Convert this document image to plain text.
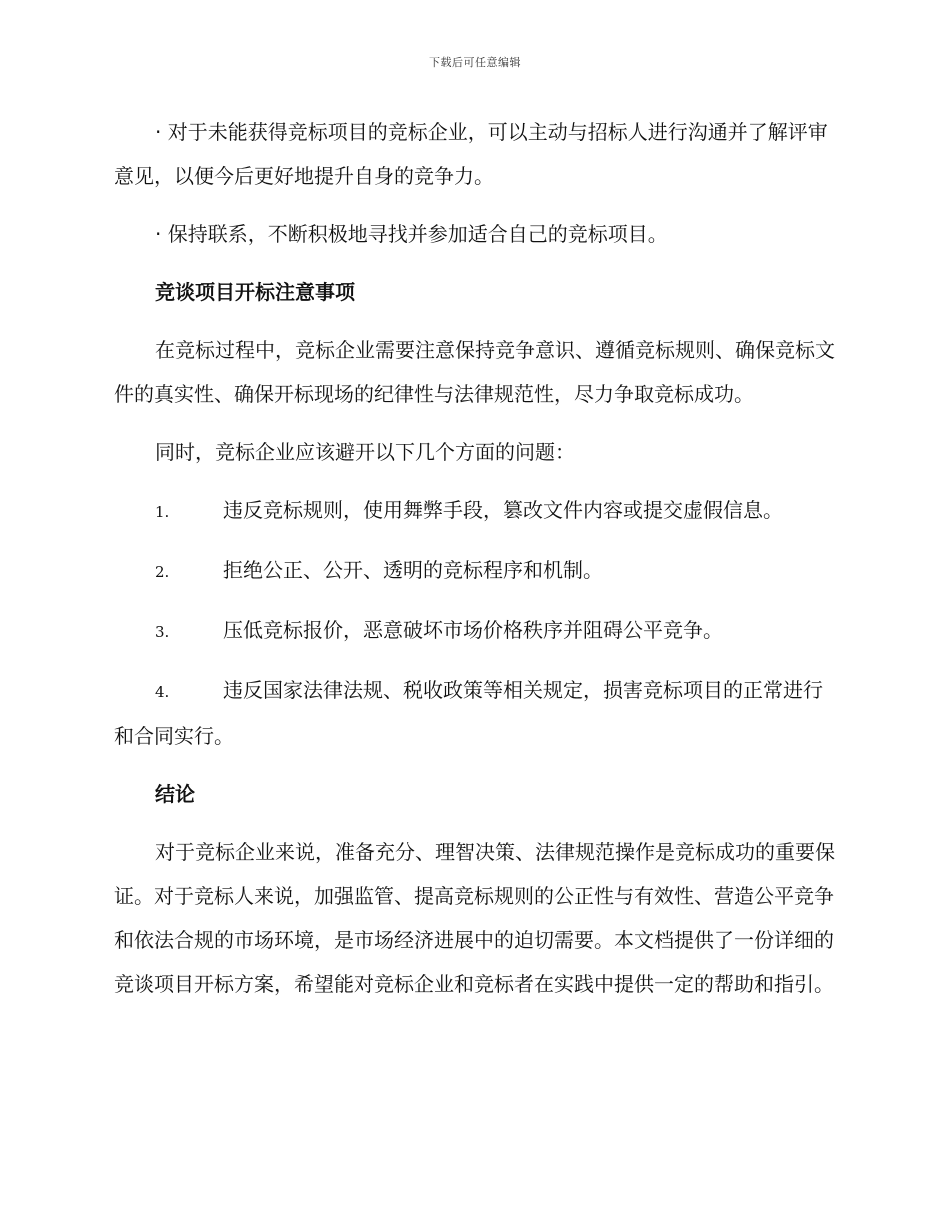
下载后可任意编辑

· 对于未能获得竞标项目的竞标企业，可以主动与招标人进行沟通并了解评审意见，以便今后更好地提升自身的竞争力。

· 保持联系，不断积极地寻找并参加适合自己的竞标项目。

竞谈项目开标注意事项

在竞标过程中，竞标企业需要注意保持竞争意识、遵循竞标规则、确保竞标文件的真实性、确保开标现场的纪律性与法律规范性，尽力争取竞标成功。

同时，竞标企业应该避开以下几个方面的问题：

1.	违反竞标规则，使用舞弊手段，篡改文件内容或提交虚假信息。

2.	拒绝公正、公开、透明的竞标程序和机制。

3.	压低竞标报价，恶意破坏市场价格秩序并阻碍公平竞争。

4.	违反国家法律法规、税收政策等相关规定，损害竞标项目的正常进行和合同实行。

结论

对于竞标企业来说，准备充分、理智决策、法律规范操作是竞标成功的重要保证。对于竞标人来说，加强监管、提高竞标规则的公正性与有效性、营造公平竞争和依法合规的市场环境，是市场经济进展中的迫切需要。本文档提供了一份详细的竞谈项目开标方案，希望能对竞标企业和竞标者在实践中提供一定的帮助和指引。
